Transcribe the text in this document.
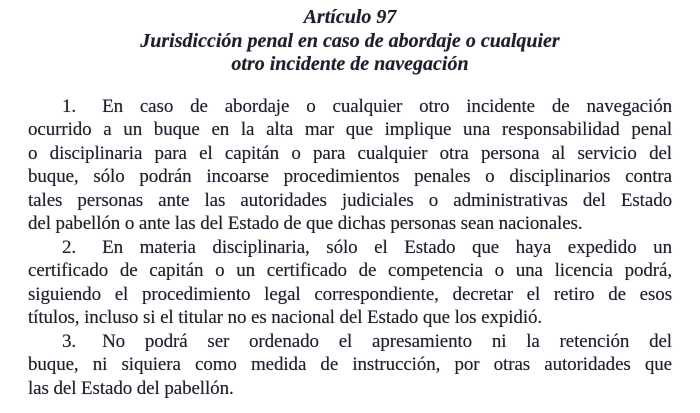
Artículo 97
Jurisdicción penal en caso de abordaje o cualquier
otro incidente de navegación
1. En caso de abordaje o cualquier otro incidente de navegación
ocurrido a un buque en la alta mar que implique una responsabilidad penal
o disciplinaria para el capitán o para cualquier otra persona al servicio del
buque, sólo podrán incoarse procedimientos penales o disciplinarios contra
tales personas ante las autoridades judiciales o administrativas del Estado
del pabellón o ante las del Estado de que dichas personas sean nacionales.
2. En materia disciplinaria, sólo el Estado que haya expedido un
certificado de capitán o un certificado de competencia o una licencia podrá,
siguiendo el procedimiento legal correspondiente, decretar el retiro de esos
títulos, incluso si el titular no es nacional del Estado que los expidió.
3. No podrá ser ordenado el apresamiento ni la retención del
buque, ni siquiera como medida de instrucción, por otras autoridades que
las del Estado del pabellón.
